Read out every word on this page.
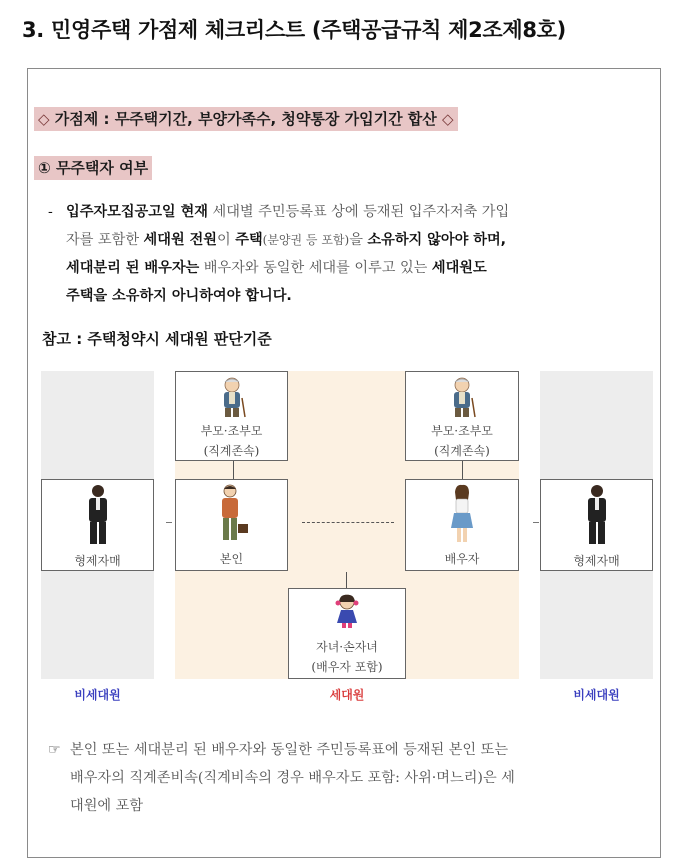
3. 민영주택 가점제 체크리스트 (주택공급규칙 제2조제8호)
◇ 가점제 : 무주택기간, 부양가족수, 청약통장 가입기간 합산 ◇
① 무주택자 여부
- 입주자모집공고일 현재 세대별 주민등록표 상에 등재된 입주자저축 가입
자를 포함한 세대원 전원이 주택(분양권 등 포함)을 소유하지 않아야 하며,
세대분리 된 배우자는 배우자와 동일한 세대를 이루고 있는 세대원도
주택을 소유하지 아니하여야 합니다.
참고 : 주택청약시 세대원 판단기준
부모·조부모
(직계존속)
부모·조부모
(직계존속)
형제자매	본인	배우자	형제자매
자녀·손자녀
(배우자 포함)
비세대원	세대원	비세대원
☞ 본인 또는 세대분리 된 배우자와 동일한 주민등록표에 등재된 본인 또는
배우자의 직계존비속(직계비속의 경우 배우자도 포함: 사위·며느리)은 세
대원에 포함
